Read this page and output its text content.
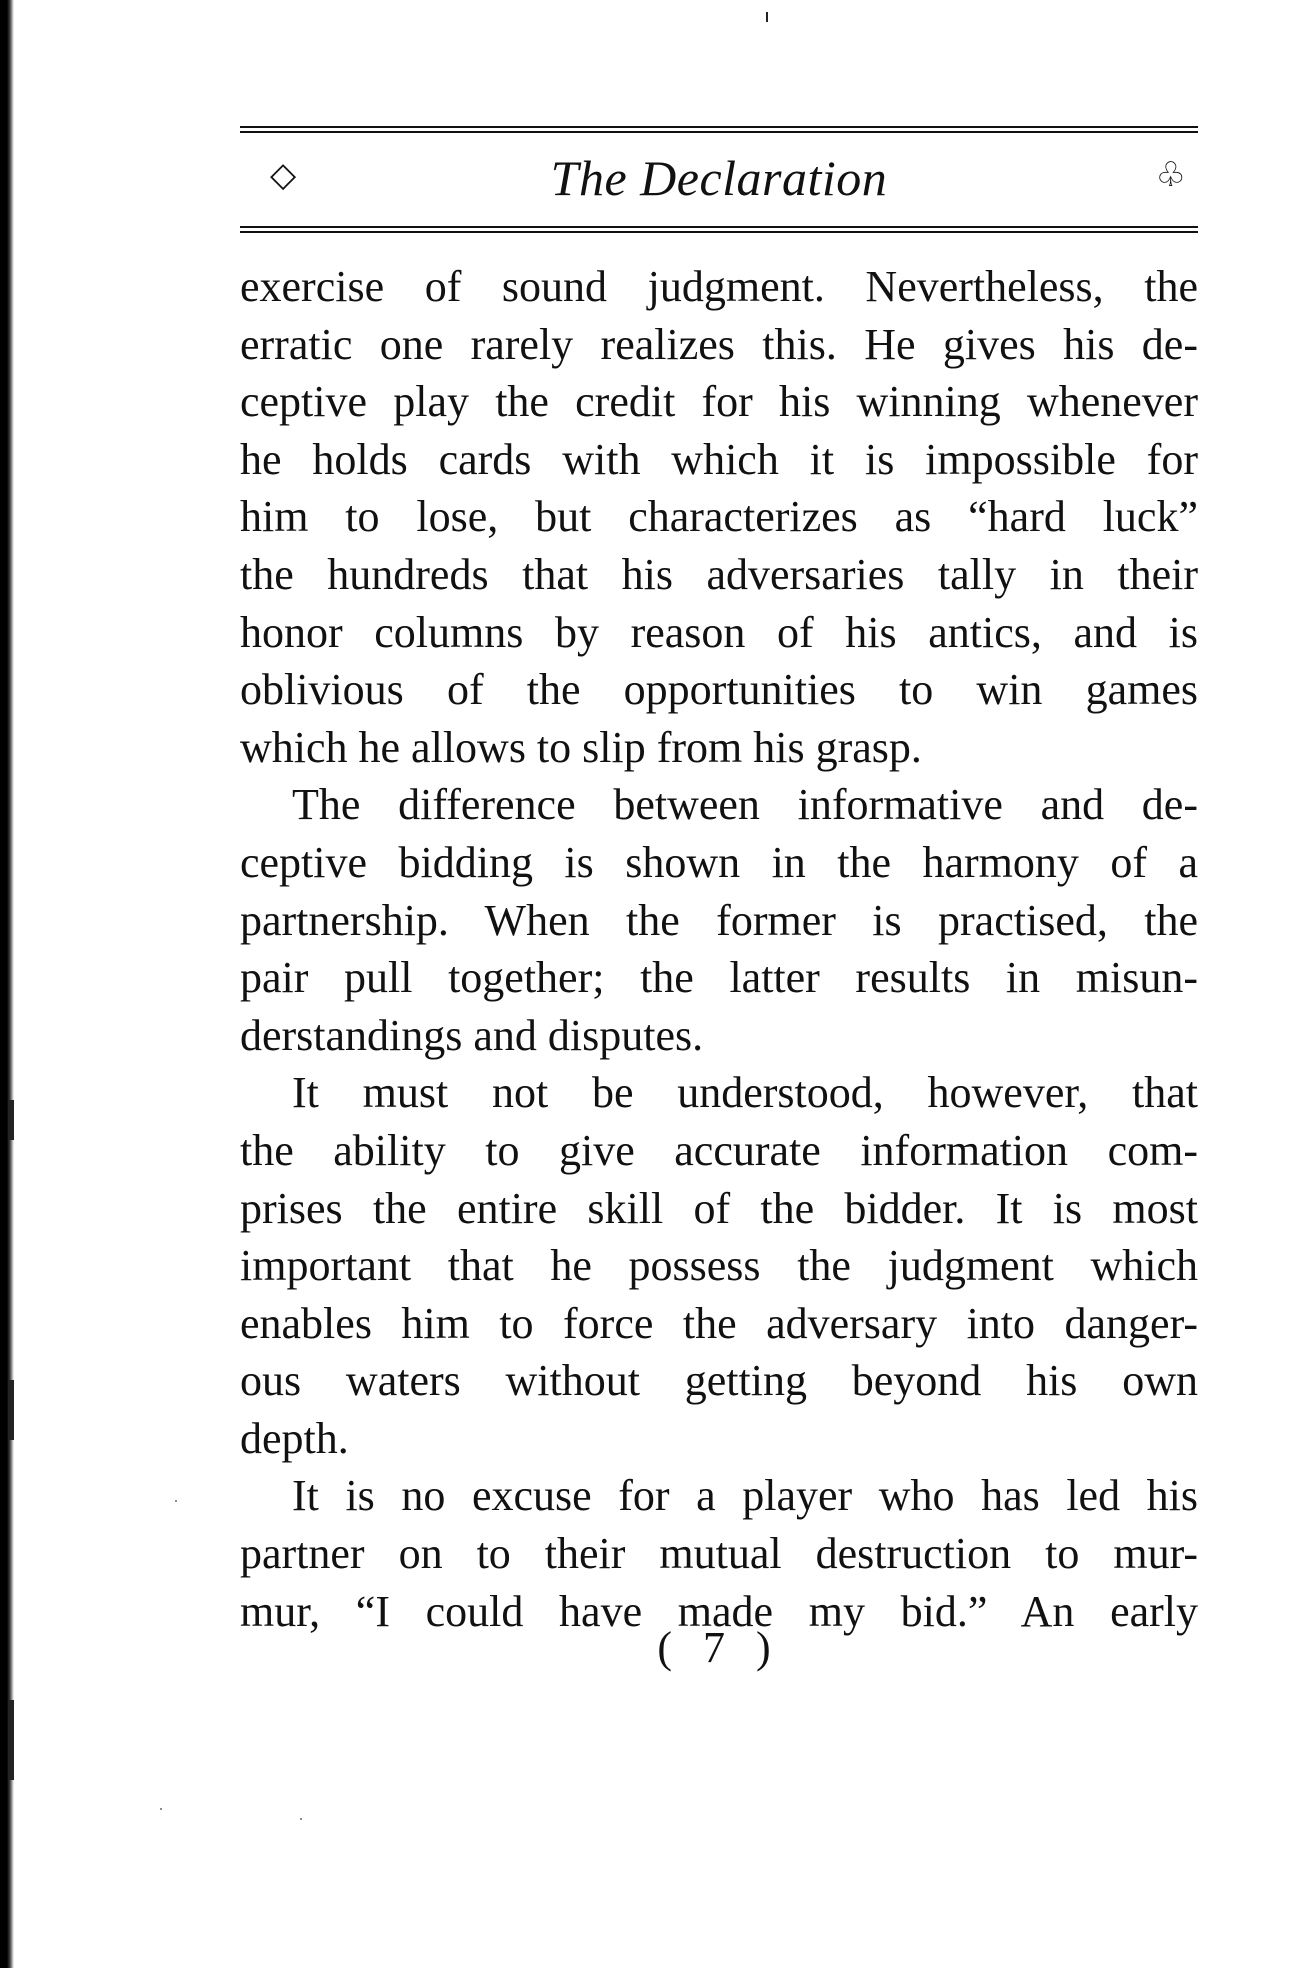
◇	The Declaration	♧
exercise of sound judgment. Nevertheless, the
erratic one rarely realizes this. He gives his de-
ceptive play the credit for his winning whenever
he holds cards with which it is impossible for
him to lose, but characterizes as “hard luck”
the hundreds that his adversaries tally in their
honor columns by reason of his antics, and is
oblivious of the opportunities to win games
which he allows to slip from his grasp.
The difference between informative and de-
ceptive bidding is shown in the harmony of a
partnership. When the former is practised, the
pair pull together; the latter results in misun-
derstandings and disputes.
It must not be understood, however, that
the ability to give accurate information com-
prises the entire skill of the bidder. It is most
important that he possess the judgment which
enables him to force the adversary into danger-
ous waters without getting beyond his own
depth.
It is no excuse for a player who has led his
partner on to their mutual destruction to mur-
mur, “I could have made my bid.” An early
( 7 )
